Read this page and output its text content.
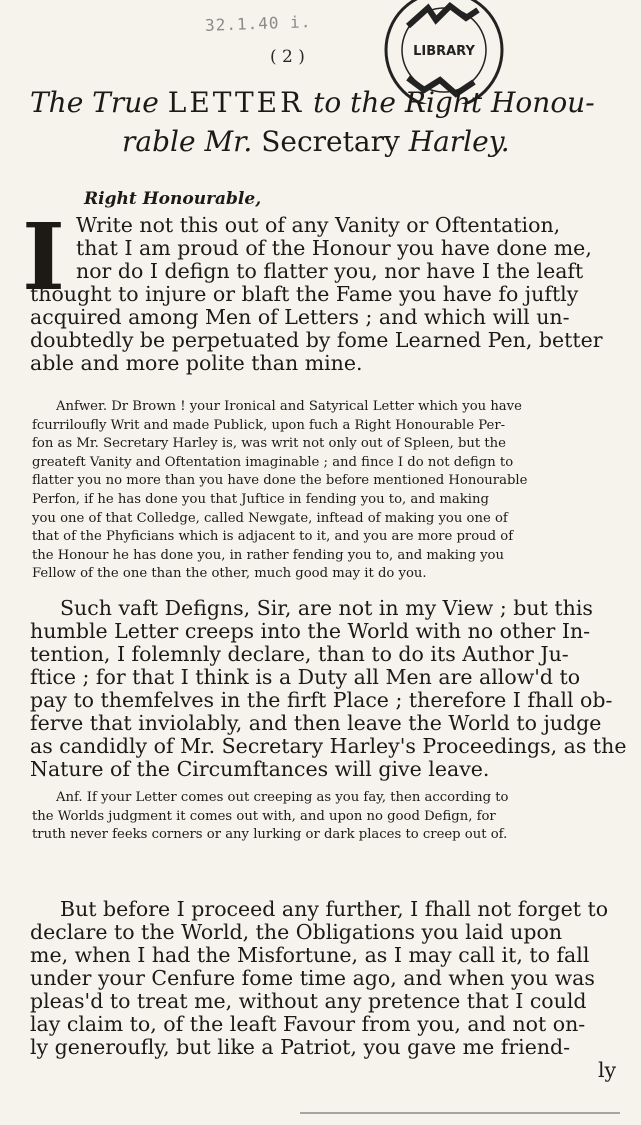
32.1.40 i.
( 2 )	LIBRARY
The True LETTER to the Right Honou-
rable Mr. Secretary Harley.
Right Honourable,
I Write not this out of any Vanity or Oftentation,
that I am proud of the Honour you have done me,
nor do I defign to flatter you, nor have I the leaft
thought to injure or blaft the Fame you have fo juftly
acquired among Men of Letters ; and which will un-
doubtedly be perpetuated by fome Learned Pen, better
able and more polite than mine.
Anfwer. Dr Brown ! your Ironical and Satyrical Letter which you have
fcurriloufly Writ and made Publick, upon fuch a Right Honourable Per-
fon as Mr. Secretary Harley is, was writ not only out of Spleen, but the
greateft Vanity and Oftentation imaginable ; and fince I do not defign to
flatter you no more than you have done the before mentioned Honourable
Perfon, if he has done you that Juftice in fending you to, and making
you one of that Colledge, called Newgate, inftead of making you one of
that of the Phyficians which is adjacent to it, and you are more proud of
the Honour he has done you, in rather fending you to, and making you
Fellow of the one than the other, much good may it do you.
Such vaft Defigns, Sir, are not in my View ; but this
humble Letter creeps into the World with no other In-
tention, I folemnly declare, than to do its Author Ju-
ftice ; for that I think is a Duty all Men are allow'd to
pay to themfelves in the firft Place ; therefore I fhall ob-
ferve that inviolably, and then leave the World to judge
as candidly of Mr. Secretary Harley's Proceedings, as the
Nature of the Circumftances will give leave.
Anf. If your Letter comes out creeping as you fay, then according to
the Worlds judgment it comes out with, and upon no good Defign, for
truth never feeks corners or any lurking or dark places to creep out of.
But before I proceed any further, I fhall not forget to
declare to the World, the Obligations you laid upon
me, when I had the Misfortune, as I may call it, to fall
under your Cenfure fome time ago, and when you was
pleas'd to treat me, without any pretence that I could
lay claim to, of the leaft Favour from you, and not on-
ly generoufly, but like a Patriot, you gave me friend-
ly
